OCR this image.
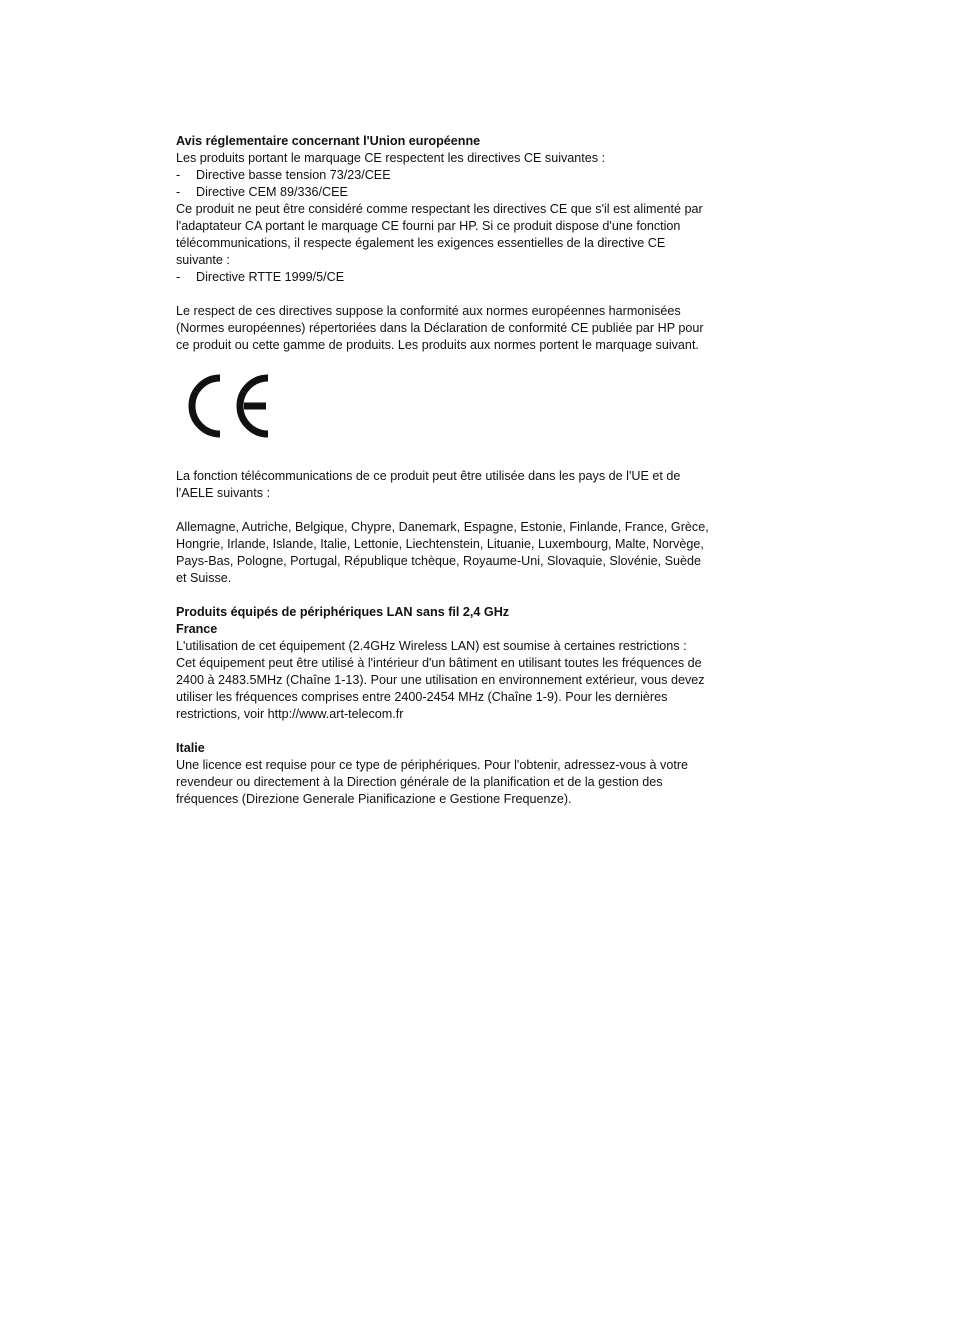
Avis réglementaire concernant l'Union européenne

Les produits portant le marquage CE respectent les directives CE suivantes :

- Directive basse tension 73/23/CEE
- Directive CEM 89/336/CEE
Ce produit ne peut être considéré comme respectant les directives CE que s'il est alimenté par
l'adaptateur CA portant le marquage CE fourni par HP. Si ce produit dispose d'une fonction
télécommunications, il respecte également les exigences essentielles de la directive CE
suivante :
- Directive RTTE 1999/5/CE
Le respect de ces directives suppose la conformité aux normes européennes harmonisées
(Normes européennes) répertoriées dans la Déclaration de conformité CE publiée par HP pour
ce produit ou cette gamme de produits. Les produits aux normes portent le marquage suivant.
La fonction télécommunications de ce produit peut être utilisée dans les pays de l'UE et de
l'AELE suivants :
Allemagne, Autriche, Belgique, Chypre, Danemark, Espagne, Estonie, Finlande, France, Grèce,
Hongrie, Irlande, Islande, Italie, Lettonie, Liechtenstein, Lituanie, Luxembourg, Malte, Norvège,
Pays-Bas, Pologne, Portugal, République tchèque, Royaume-Uni, Slovaquie, Slovénie, Suède
et Suisse.

Produits équipés de périphériques LAN sans fil 2,4 GHz

France

L'utilisation de cet équipement (2.4GHz Wireless LAN) est soumise à certaines restrictions :
Cet équipement peut être utilisé à l'intérieur d'un bâtiment en utilisant toutes les fréquences de
2400 à 2483.5MHz (Chaîne 1-13). Pour une utilisation en environnement extérieur, vous devez
utiliser les fréquences comprises entre 2400-2454 MHz (Chaîne 1-9). Pour les dernières
restrictions, voir http://www.art-telecom.fr

Italie

Une licence est requise pour ce type de périphériques. Pour l'obtenir, adressez-vous à votre
revendeur ou directement à la Direction générale de la planification et de la gestion des
fréquences (Direzione Generale Pianificazione e Gestione Frequenze).
